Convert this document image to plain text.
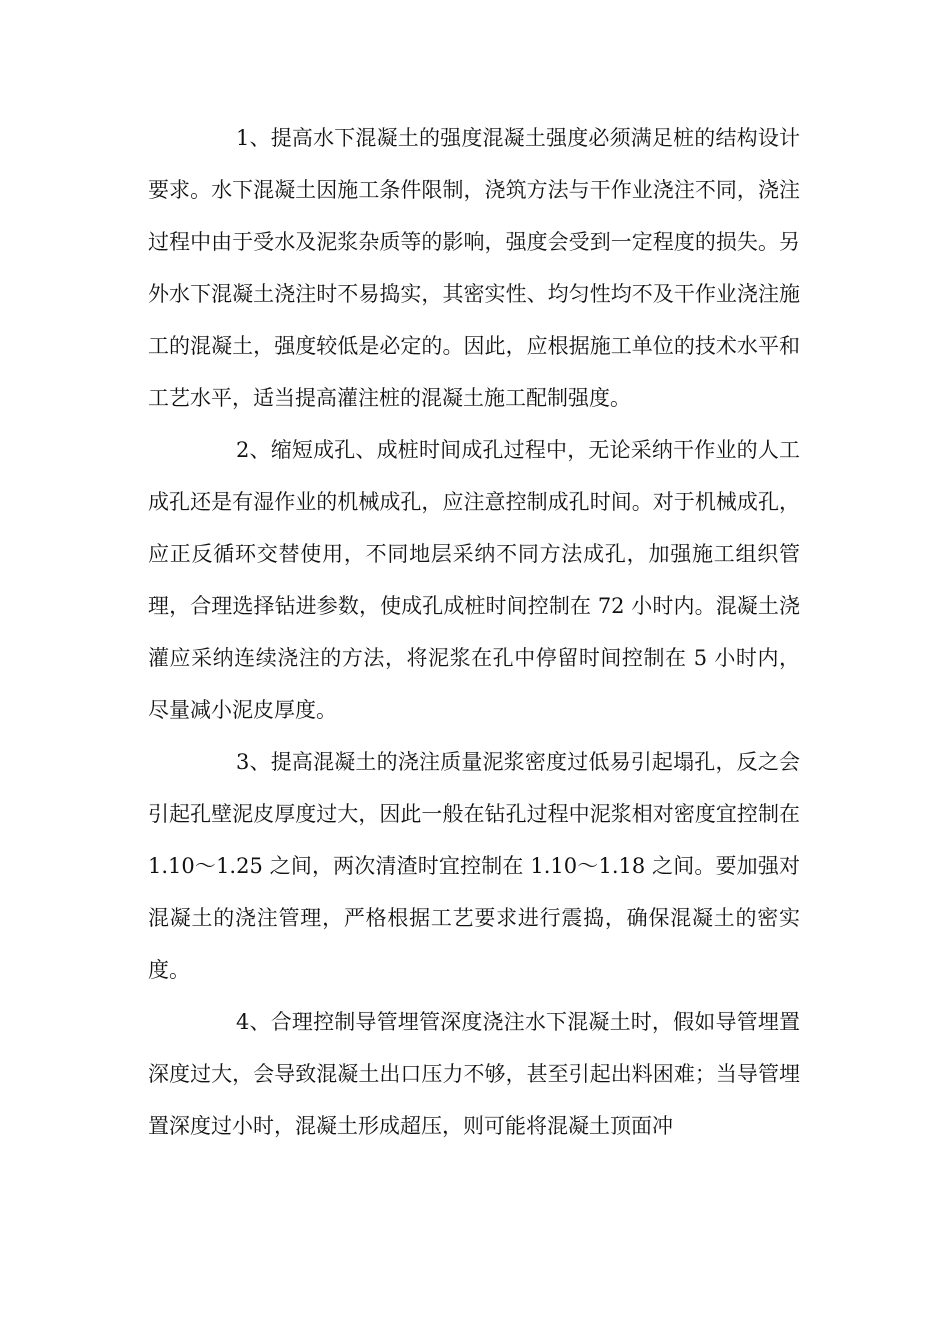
1、提高水下混凝土的强度混凝土强度必须满足桩的结构设计要求。水下混凝土因施工条件限制，浇筑方法与干作业浇注不同，浇注过程中由于受水及泥浆杂质等的影响，强度会受到一定程度的损失。另外水下混凝土浇注时不易捣实，其密实性、均匀性均不及干作业浇注施工的混凝土，强度较低是必定的。因此，应根据施工单位的技术水平和工艺水平，适当提高灌注桩的混凝土施工配制强度。

2、缩短成孔、成桩时间成孔过程中，无论采纳干作业的人工成孔还是有湿作业的机械成孔，应注意控制成孔时间。对于机械成孔，应正反循环交替使用，不同地层采纳不同方法成孔，加强施工组织管理，合理选择钻进参数，使成孔成桩时间控制在 72 小时内。混凝土浇灌应采纳连续浇注的方法，将泥浆在孔中停留时间控制在 5 小时内，尽量减小泥皮厚度。

3、提高混凝土的浇注质量泥浆密度过低易引起塌孔，反之会引起孔壁泥皮厚度过大，因此一般在钻孔过程中泥浆相对密度宜控制在 1.10～1.25 之间，两次清渣时宜控制在 1.10～1.18 之间。要加强对混凝土的浇注管理，严格根据工艺要求进行震捣，确保混凝土的密实度。

4、合理控制导管埋管深度浇注水下混凝土时，假如导管埋置深度过大，会导致混凝土出口压力不够，甚至引起出料困难；当导管埋置深度过小时，混凝土形成超压，则可能将混凝土顶面冲
